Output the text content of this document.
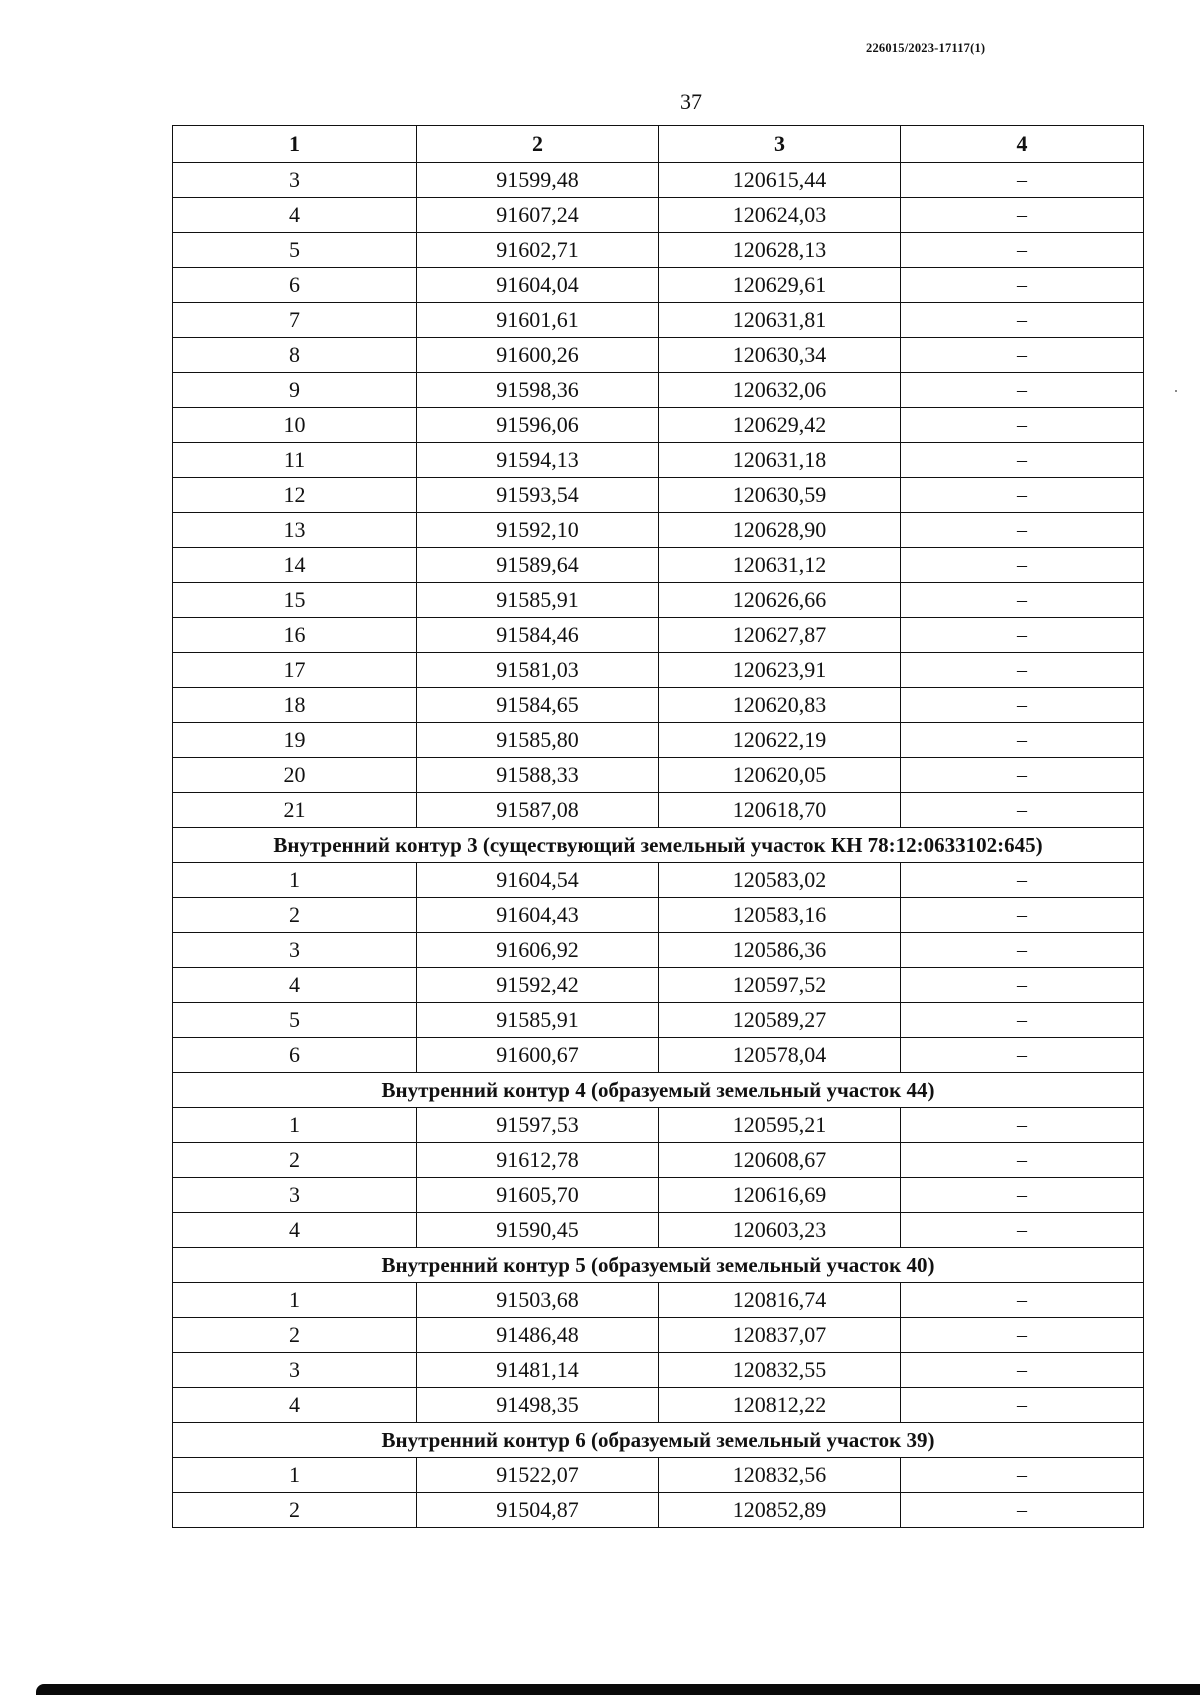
226015/2023-17117(1)
37
1	2	3	4
3	91599,48	120615,44	–
4	91607,24	120624,03	–
5	91602,71	120628,13	–
6	91604,04	120629,61	–
7	91601,61	120631,81	–
8	91600,26	120630,34	–
9	91598,36	120632,06	–
10	91596,06	120629,42	–
11	91594,13	120631,18	–
12	91593,54	120630,59	–
13	91592,10	120628,90	–
14	91589,64	120631,12	–
15	91585,91	120626,66	–
16	91584,46	120627,87	–
17	91581,03	120623,91	–
18	91584,65	120620,83	–
19	91585,80	120622,19	–
20	91588,33	120620,05	–
21	91587,08	120618,70	–
Внутренний контур 3 (существующий земельный участок КН 78:12:0633102:645)			
1	91604,54	120583,02	–
2	91604,43	120583,16	–
3	91606,92	120586,36	–
4	91592,42	120597,52	–
5	91585,91	120589,27	–
6	91600,67	120578,04	–
Внутренний контур 4 (образуемый земельный участок 44)			
1	91597,53	120595,21	–
2	91612,78	120608,67	–
3	91605,70	120616,69	–
4	91590,45	120603,23	–
Внутренний контур 5 (образуемый земельный участок 40)			
1	91503,68	120816,74	–
2	91486,48	120837,07	–
3	91481,14	120832,55	–
4	91498,35	120812,22	–
Внутренний контур 6 (образуемый земельный участок 39)			
1	91522,07	120832,56	–
2	91504,87	120852,89	–
